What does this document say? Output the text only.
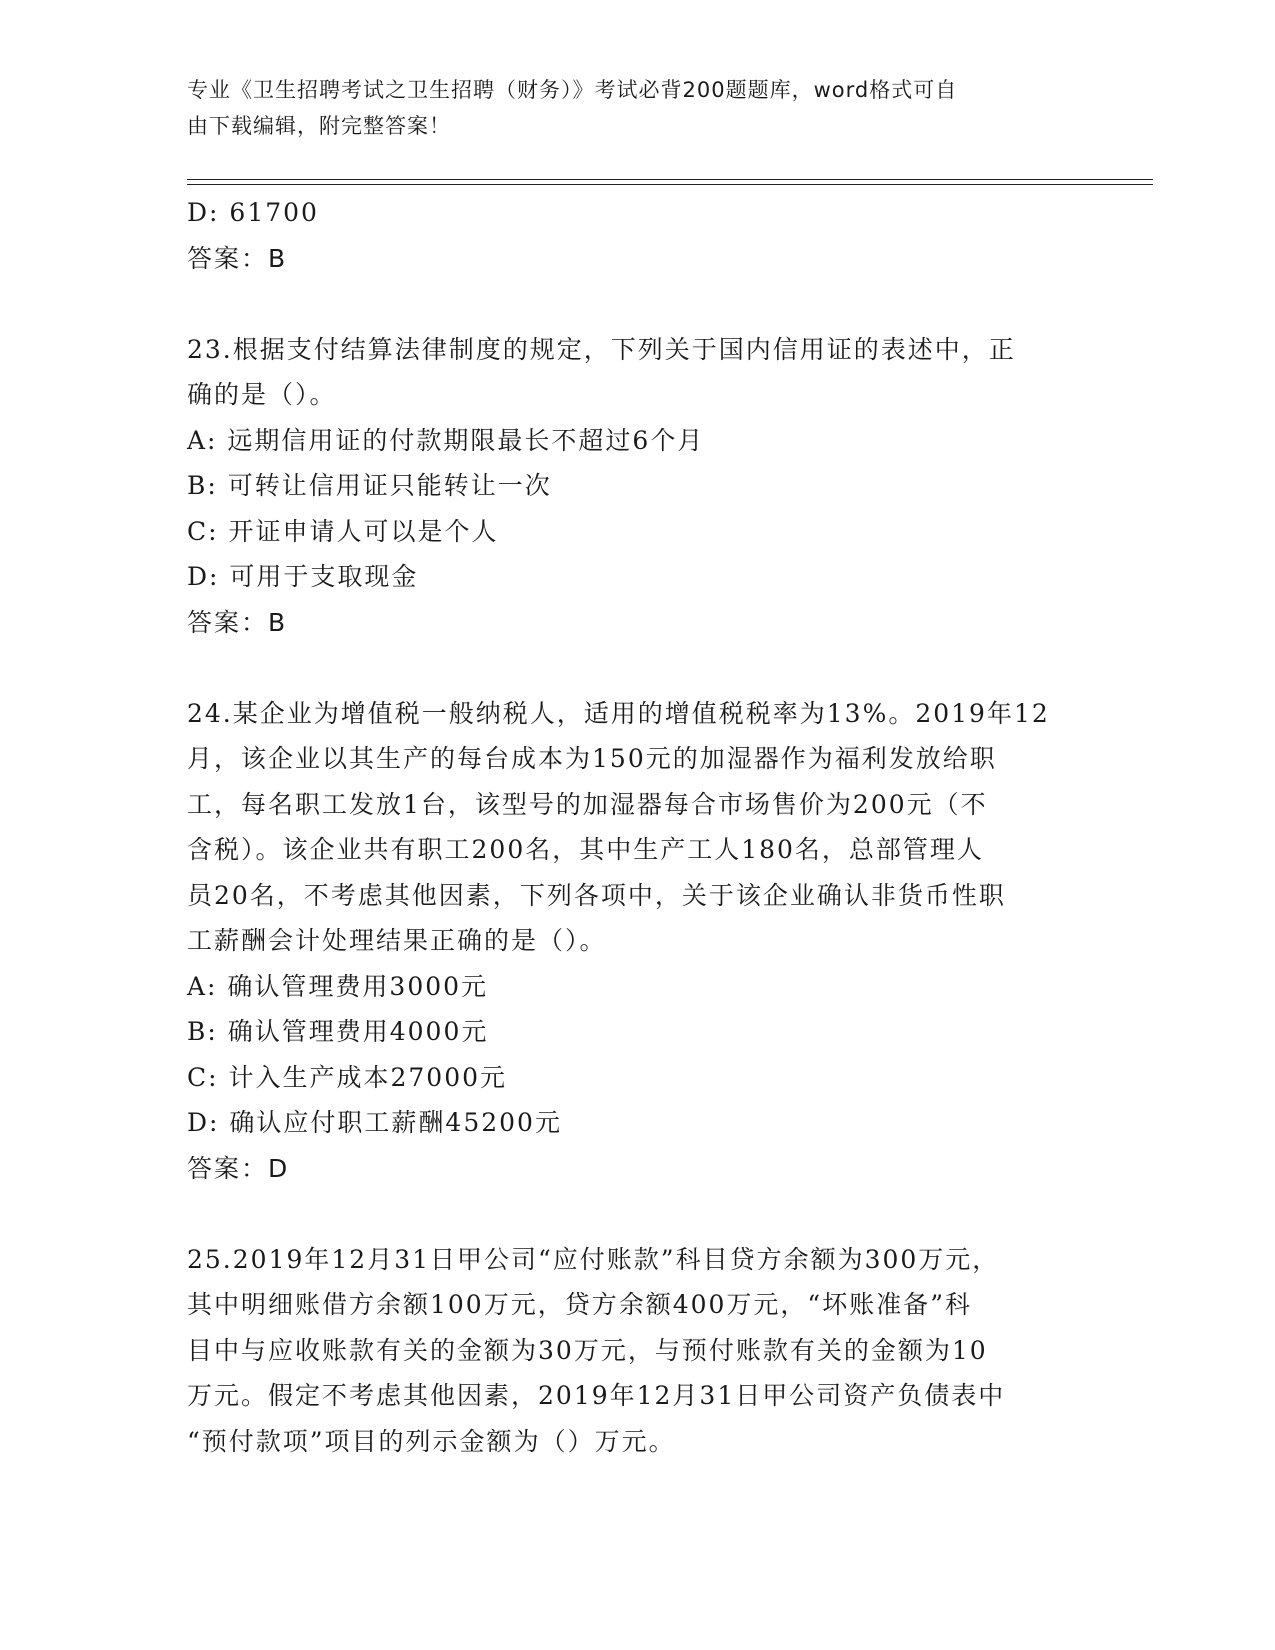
专业《卫生招聘考试之卫生招聘（财务）》考试必背200题题库，word格式可自
由下载编辑，附完整答案！
D: 61700
答案：B
23.根据支付结算法律制度的规定，下列关于国内信用证的表述中，正
确的是（）。
A: 远期信用证的付款期限最长不超过6个月
B: 可转让信用证只能转让一次
C: 开证申请人可以是个人
D: 可用于支取现金
答案：B
24.某企业为增值税一般纳税人，适用的增值税税率为13%。2019年12
月，该企业以其生产的每台成本为150元的加湿器作为福利发放给职
工，每名职工发放1台，该型号的加湿器每合市场售价为200元（不
含税）。该企业共有职工200名，其中生产工人180名，总部管理人
员20名，不考虑其他因素，下列各项中，关于该企业确认非货币性职
工薪酬会计处理结果正确的是（）。
A: 确认管理费用3000元
B: 确认管理费用4000元
C: 计入生产成本27000元
D: 确认应付职工薪酬45200元
答案：D
25.2019年12月31日甲公司“应付账款”科目贷方余额为300万元，
其中明细账借方余额100万元，贷方余额400万元，“坏账准备”科
目中与应收账款有关的金额为30万元，与预付账款有关的金额为10
万元。假定不考虑其他因素，2019年12月31日甲公司资产负债表中
“预付款项”项目的列示金额为（）万元。
